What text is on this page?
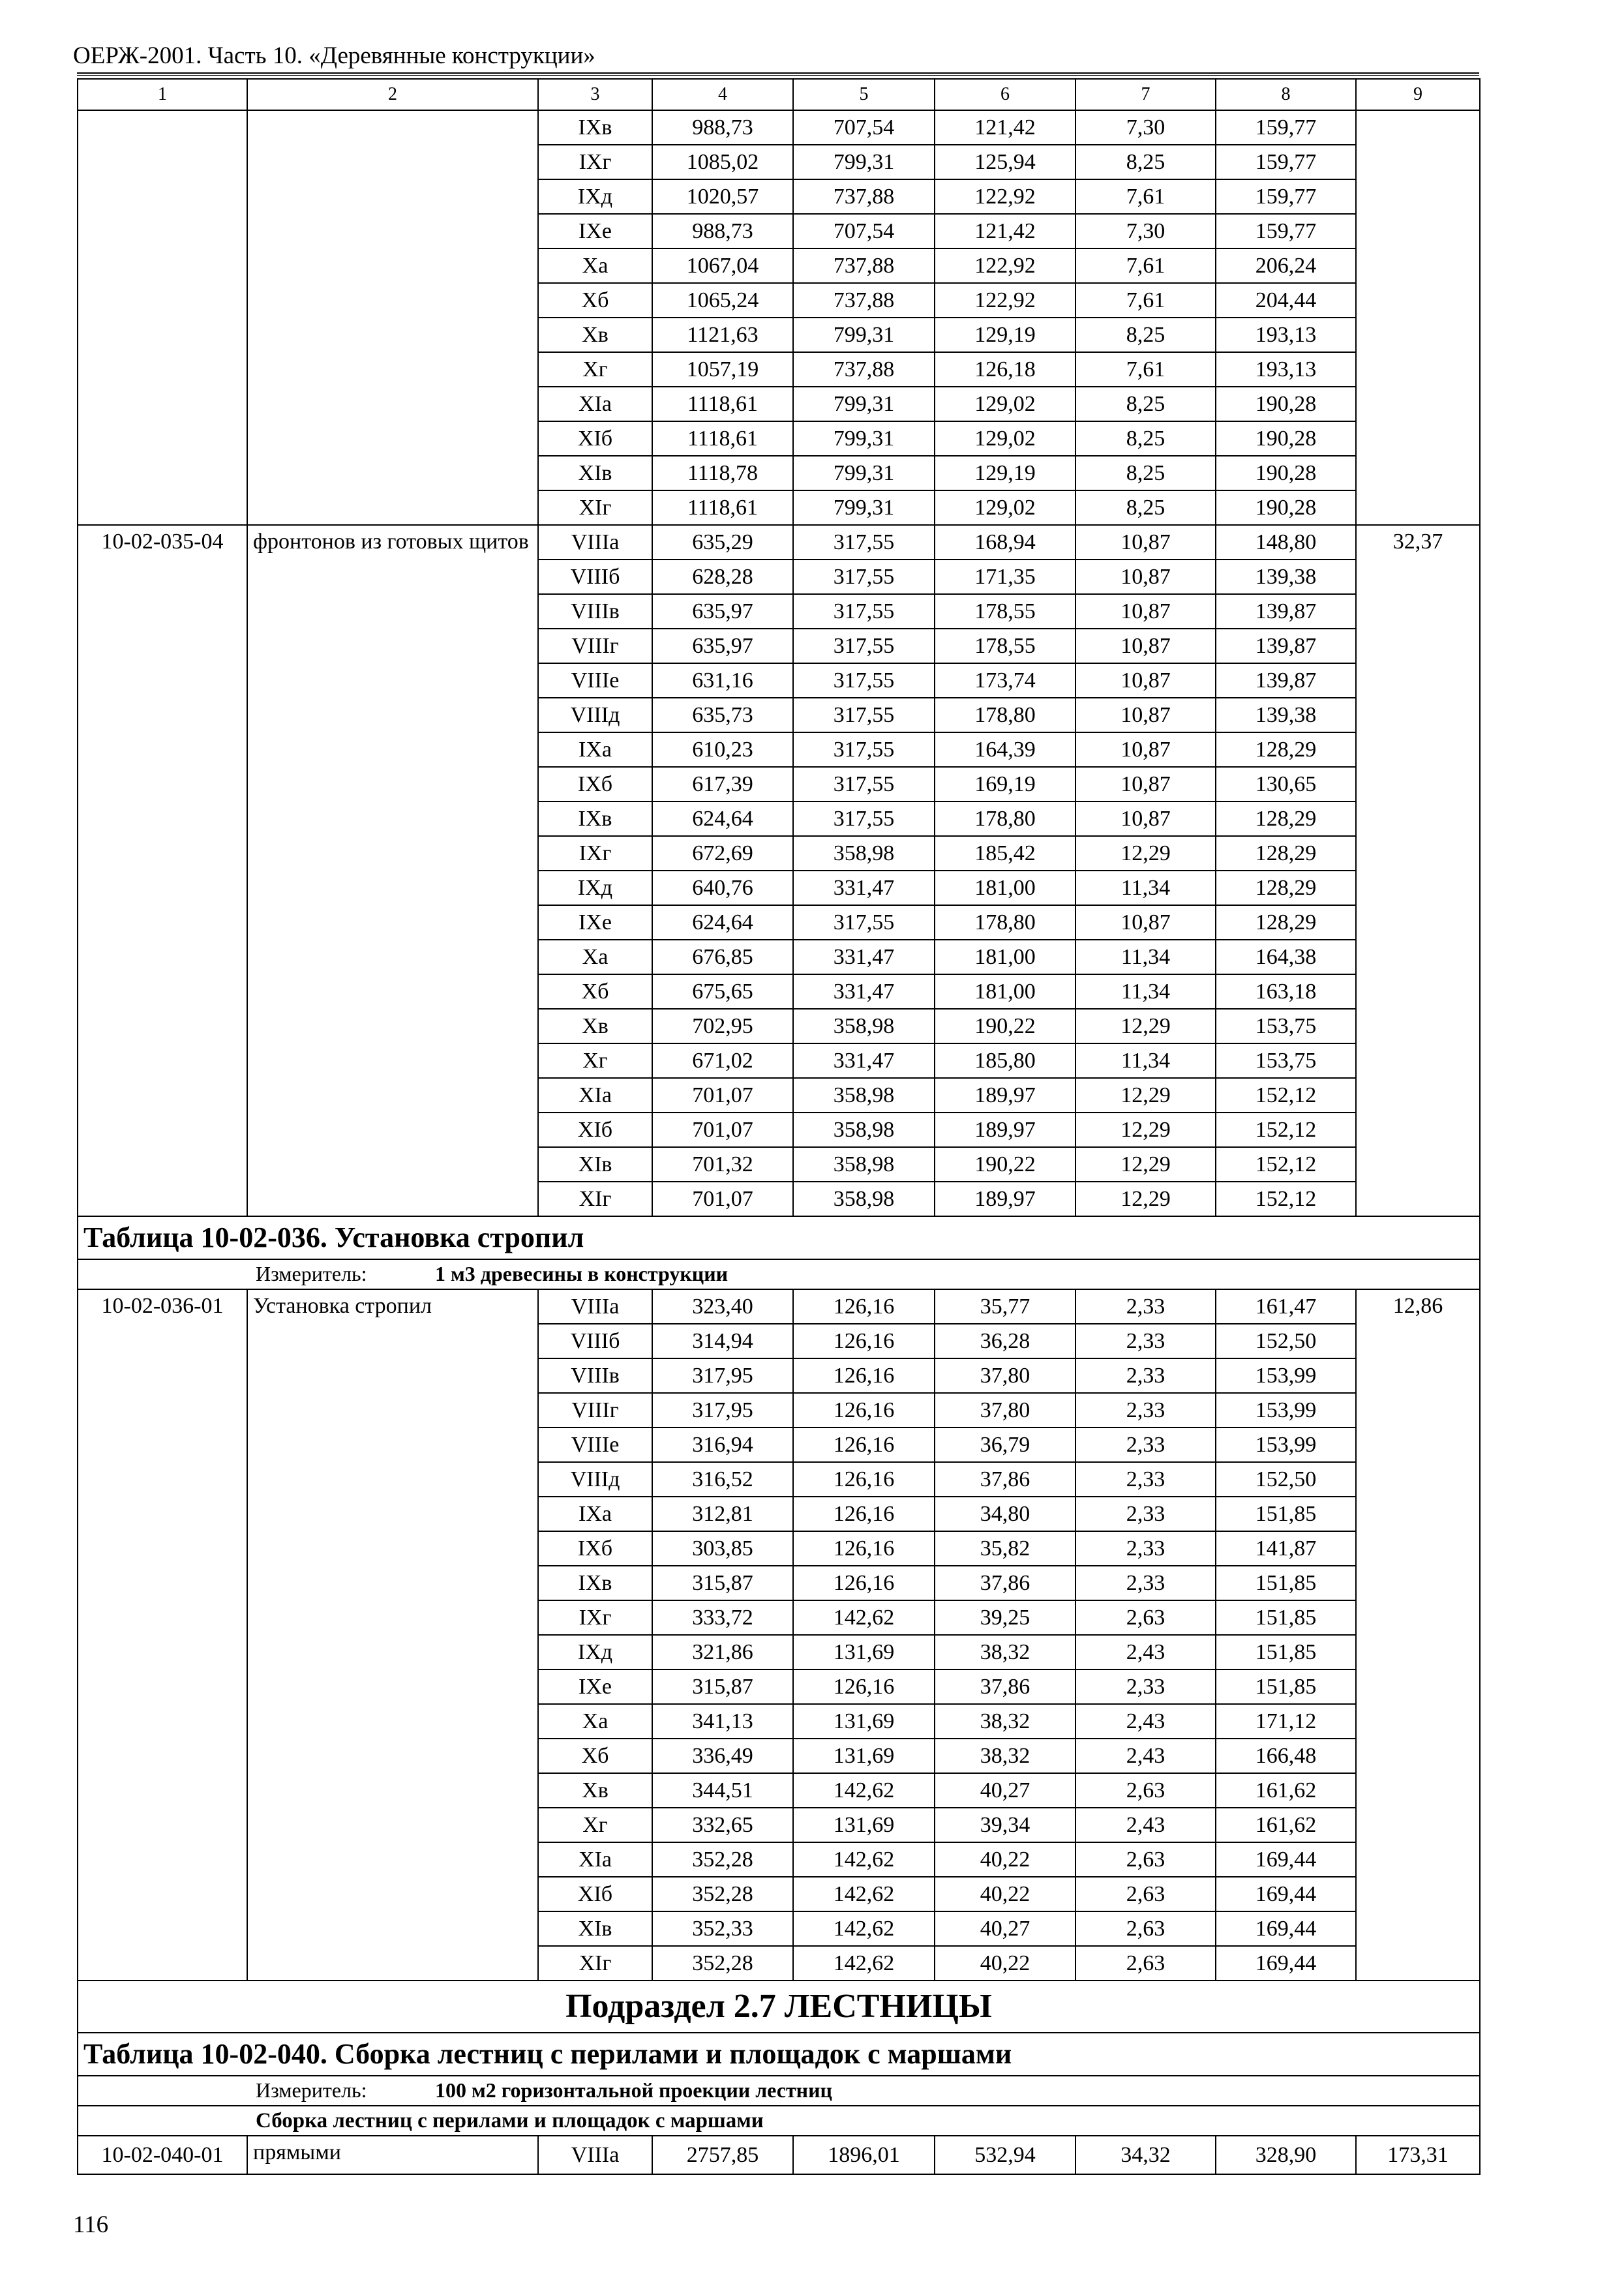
ОЕРЖ-2001. Часть 10. «Деревянные конструкции»
1	2	3	4	5	6	7	8	9
		IXв	988,73	707,54	121,42	7,30	159,77	
		IXг	1085,02	799,31	125,94	8,25	159,77	
		IXд	1020,57	737,88	122,92	7,61	159,77	
		IXе	988,73	707,54	121,42	7,30	159,77	
		Xа	1067,04	737,88	122,92	7,61	206,24	
		Xб	1065,24	737,88	122,92	7,61	204,44	
		Xв	1121,63	799,31	129,19	8,25	193,13	
		Xг	1057,19	737,88	126,18	7,61	193,13	
		XIа	1118,61	799,31	129,02	8,25	190,28	
		XIб	1118,61	799,31	129,02	8,25	190,28	
		XIв	1118,78	799,31	129,19	8,25	190,28	
		XIг	1118,61	799,31	129,02	8,25	190,28	
10-02-035-04	фронтонов из готовых щитов	VIIIа	635,29	317,55	168,94	10,87	148,80	32,37
		VIIIб	628,28	317,55	171,35	10,87	139,38	
		VIIIв	635,97	317,55	178,55	10,87	139,87	
		VIIIг	635,97	317,55	178,55	10,87	139,87	
		VIIIе	631,16	317,55	173,74	10,87	139,87	
		VIIIд	635,73	317,55	178,80	10,87	139,38	
		IXа	610,23	317,55	164,39	10,87	128,29	
		IXб	617,39	317,55	169,19	10,87	130,65	
		IXв	624,64	317,55	178,80	10,87	128,29	
		IXг	672,69	358,98	185,42	12,29	128,29	
		IXд	640,76	331,47	181,00	11,34	128,29	
		IXе	624,64	317,55	178,80	10,87	128,29	
		Xа	676,85	331,47	181,00	11,34	164,38	
		Xб	675,65	331,47	181,00	11,34	163,18	
		Xв	702,95	358,98	190,22	12,29	153,75	
		Xг	671,02	331,47	185,80	11,34	153,75	
		XIа	701,07	358,98	189,97	12,29	152,12	
		XIб	701,07	358,98	189,97	12,29	152,12	
		XIв	701,32	358,98	190,22	12,29	152,12	
		XIг	701,07	358,98	189,97	12,29	152,12	
Таблица 10-02-036. Установка стропил								
Измеритель: 1 м3 древесины в конструкции								
10-02-036-01	Установка стропил	VIIIа	323,40	126,16	35,77	2,33	161,47	12,86
		VIIIб	314,94	126,16	36,28	2,33	152,50	
		VIIIв	317,95	126,16	37,80	2,33	153,99	
		VIIIг	317,95	126,16	37,80	2,33	153,99	
		VIIIе	316,94	126,16	36,79	2,33	153,99	
		VIIIд	316,52	126,16	37,86	2,33	152,50	
		IXа	312,81	126,16	34,80	2,33	151,85	
		IXб	303,85	126,16	35,82	2,33	141,87	
		IXв	315,87	126,16	37,86	2,33	151,85	
		IXг	333,72	142,62	39,25	2,63	151,85	
		IXд	321,86	131,69	38,32	2,43	151,85	
		IXе	315,87	126,16	37,86	2,33	151,85	
		Xа	341,13	131,69	38,32	2,43	171,12	
		Xб	336,49	131,69	38,32	2,43	166,48	
		Xв	344,51	142,62	40,27	2,63	161,62	
		Xг	332,65	131,69	39,34	2,43	161,62	
		XIа	352,28	142,62	40,22	2,63	169,44	
		XIб	352,28	142,62	40,22	2,63	169,44	
		XIв	352,33	142,62	40,27	2,63	169,44	
		XIг	352,28	142,62	40,22	2,63	169,44	
Подраздел 2.7 ЛЕСТНИЦЫ								
Таблица 10-02-040. Сборка лестниц с перилами и площадок с маршами								
Измеритель: 100 м2 горизонтальной проекции лестниц								
Сборка лестниц с перилами и площадок с маршами								
10-02-040-01	прямыми	VIIIа	2757,85	1896,01	532,94	34,32	328,90	173,31
116
